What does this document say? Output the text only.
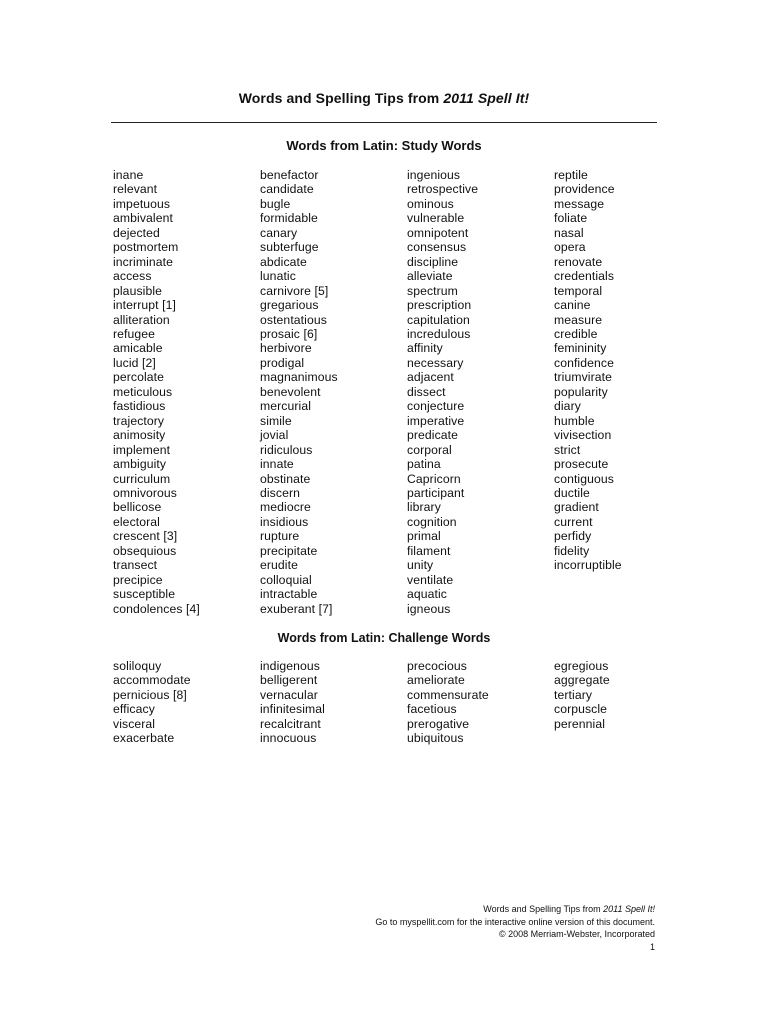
Words and Spelling Tips from 2011 Spell It!
Words from Latin: Study Words
inane
relevant
impetuous
ambivalent
dejected
postmortem
incriminate
access
plausible
interrupt [1]
alliteration
refugee
amicable
lucid [2]
percolate
meticulous
fastidious
trajectory
animosity
implement
ambiguity
curriculum
omnivorous
bellicose
electoral
crescent [3]
obsequious
transect
precipice
susceptible
condolences [4]
benefactor
candidate
bugle
formidable
canary
subterfuge
abdicate
lunatic
carnivore [5]
gregarious
ostentatious
prosaic [6]
herbivore
prodigal
magnanimous
benevolent
mercurial
simile
jovial
ridiculous
innate
obstinate
discern
mediocre
insidious
rupture
precipitate
erudite
colloquial
intractable
exuberant [7]
ingenious
retrospective
ominous
vulnerable
omnipotent
consensus
discipline
alleviate
spectrum
prescription
capitulation
incredulous
affinity
necessary
adjacent
dissect
conjecture
imperative
predicate
corporal
patina
Capricorn
participant
library
cognition
primal
filament
unity
ventilate
aquatic
igneous
reptile
providence
message
foliate
nasal
opera
renovate
credentials
temporal
canine
measure
credible
femininity
confidence
triumvirate
popularity
diary
humble
vivisection
strict
prosecute
contiguous
ductile
gradient
current
perfidy
fidelity
incorruptible
Words from Latin: Challenge Words
soliloquy
accommodate
pernicious [8]
efficacy
visceral
exacerbate
indigenous
belligerent
vernacular
infinitesimal
recalcitrant
innocuous
precocious
ameliorate
commensurate
facetious
prerogative
ubiquitous
egregious
aggregate
tertiary
corpuscle
perennial
Words and Spelling Tips from 2011 Spell It!
Go to myspellit.com for the interactive online version of this document.
© 2008 Merriam-Webster, Incorporated
1
